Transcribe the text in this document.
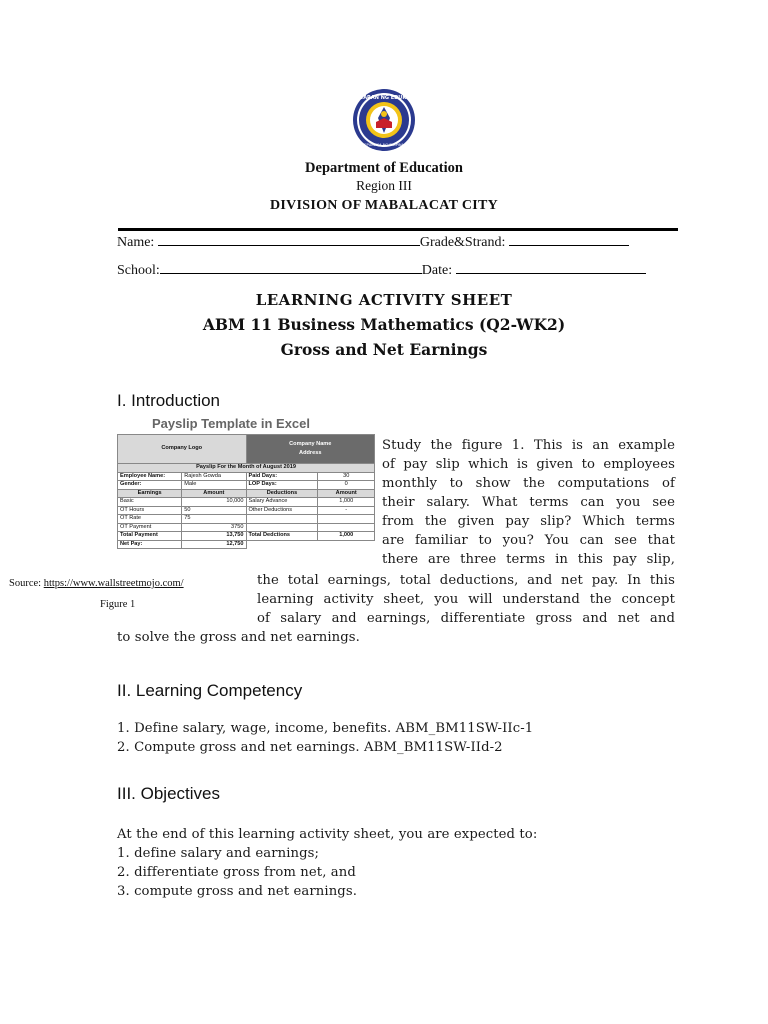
KAGAWARAN NG EDUKASYON
REPUBLIKA NG PILIPINAS
Department of Education
Region III
DIVISION OF MABALACAT CITY
Name:	Grade&Strand:
School:	Date:
LEARNING ACTIVITY SHEET
ABM 11 Business Mathematics (Q2-WK2)
Gross and Net Earnings
I. Introduction
Payslip Template in Excel
Company Logo		Company Name
Address	

Payslip For the Month of August 2019			
Employee Name:	Rajesh Gowda	Paid Days:	30
Gender:	Male	LOP Days:	0
Earnings	Amount	Deductions	Amount
Basic	10,000	Salary Advance	1,000
OT Hours	50	Other Deductions	-
OT Rate	75		
OT Payment	3750		
Total Payment	13,750	Total Dedctions	1,000
Net Pay:	12,750		
Study the figure 1. This is an example
of pay slip which is given to employees
monthly to show the computations of
their salary. What terms can you see
from the given pay slip? Which terms
are familiar to you? You can see that
there are three terms in this pay slip,
Source: https://www.wallstreetmojo.com/
Figure 1
the total earnings, total deductions, and net pay. In this
learning activity sheet, you will understand the concept
of salary and earnings, differentiate gross and net and
to solve the gross and net earnings.
II. Learning Competency
1. Define salary, wage, income, benefits. ABM_BM11SW-IIc-1
2. Compute gross and net earnings. ABM_BM11SW-IId-2
III. Objectives
At the end of this learning activity sheet, you are expected to:
1. define salary and earnings;
2. differentiate gross from net, and
3. compute gross and net earnings.
